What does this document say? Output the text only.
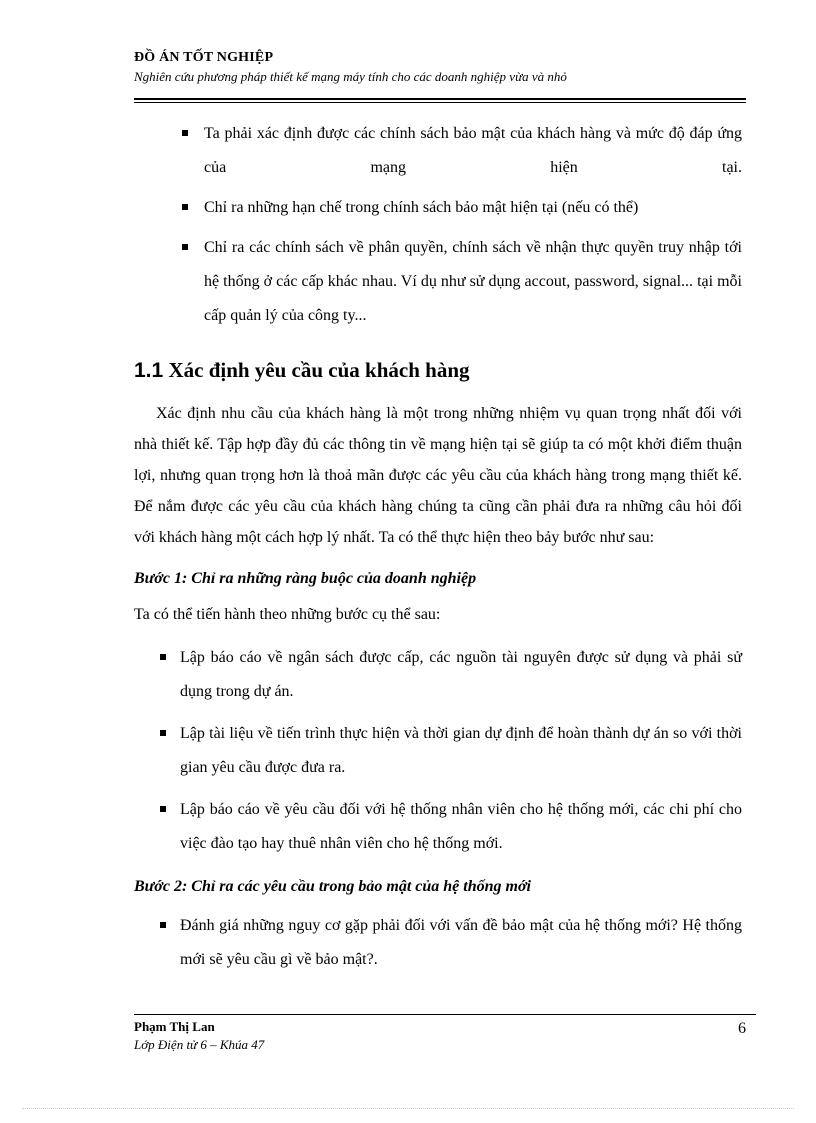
ĐỒ ÁN TỐT NGHIỆP
Nghiên cứu phương pháp thiết kế mạng máy tính cho các doanh nghiệp vừa và nhỏ
Ta phải xác định được các chính sách bảo mật của khách hàng và mức độ đáp ứng của mạng hiện tại.
Chỉ ra những hạn chế trong chính sách bảo mật hiện tại (nếu có thể)
Chỉ ra các chính sách về phân quyền, chính sách về nhận thực quyền truy nhập tới hệ thống ở các cấp khác nhau. Ví dụ như sử dụng accout, password, signal... tại mỗi cấp quản lý của công ty...
1.1 Xác định yêu cầu của khách hàng
Xác định nhu cầu của khách hàng là một trong những nhiệm vụ quan trọng nhất đối với nhà thiết kế. Tập hợp đầy đủ các thông tin về mạng hiện tại sẽ giúp ta có một khởi điểm thuận lợi, nhưng quan trọng hơn là thoả mãn được các yêu cầu của khách hàng trong mạng thiết kế. Để nắm được các yêu cầu của khách hàng chúng ta cũng cần phải đưa ra những câu hỏi đối với khách hàng một cách hợp lý nhất. Ta có thể thực hiện theo bảy bước như sau:
Bước 1: Chỉ ra những ràng buộc của doanh nghiệp
Ta có thể tiến hành theo những bước cụ thể sau:
Lập báo cáo về ngân sách được cấp, các nguồn tài nguyên được sử dụng và phải sử dụng trong dự án.
Lập tài liệu về tiến trình thực hiện và thời gian dự định để hoàn thành dự án so với thời gian yêu cầu được đưa ra.
Lập báo cáo về yêu cầu đối với hệ thống nhân viên cho hệ thống mới, các chi phí cho việc đào tạo hay thuê nhân viên cho hệ thống mới.
Bước 2: Chỉ ra các yêu cầu trong bảo mật của hệ thống mới
Đánh giá những nguy cơ gặp phải đối với vấn đề bảo mật của hệ thống mới? Hệ thống mới sẽ yêu cầu gì về bảo mật?.
Phạm Thị Lan
Lớp Điện tử 6 – Khúa 47
6
